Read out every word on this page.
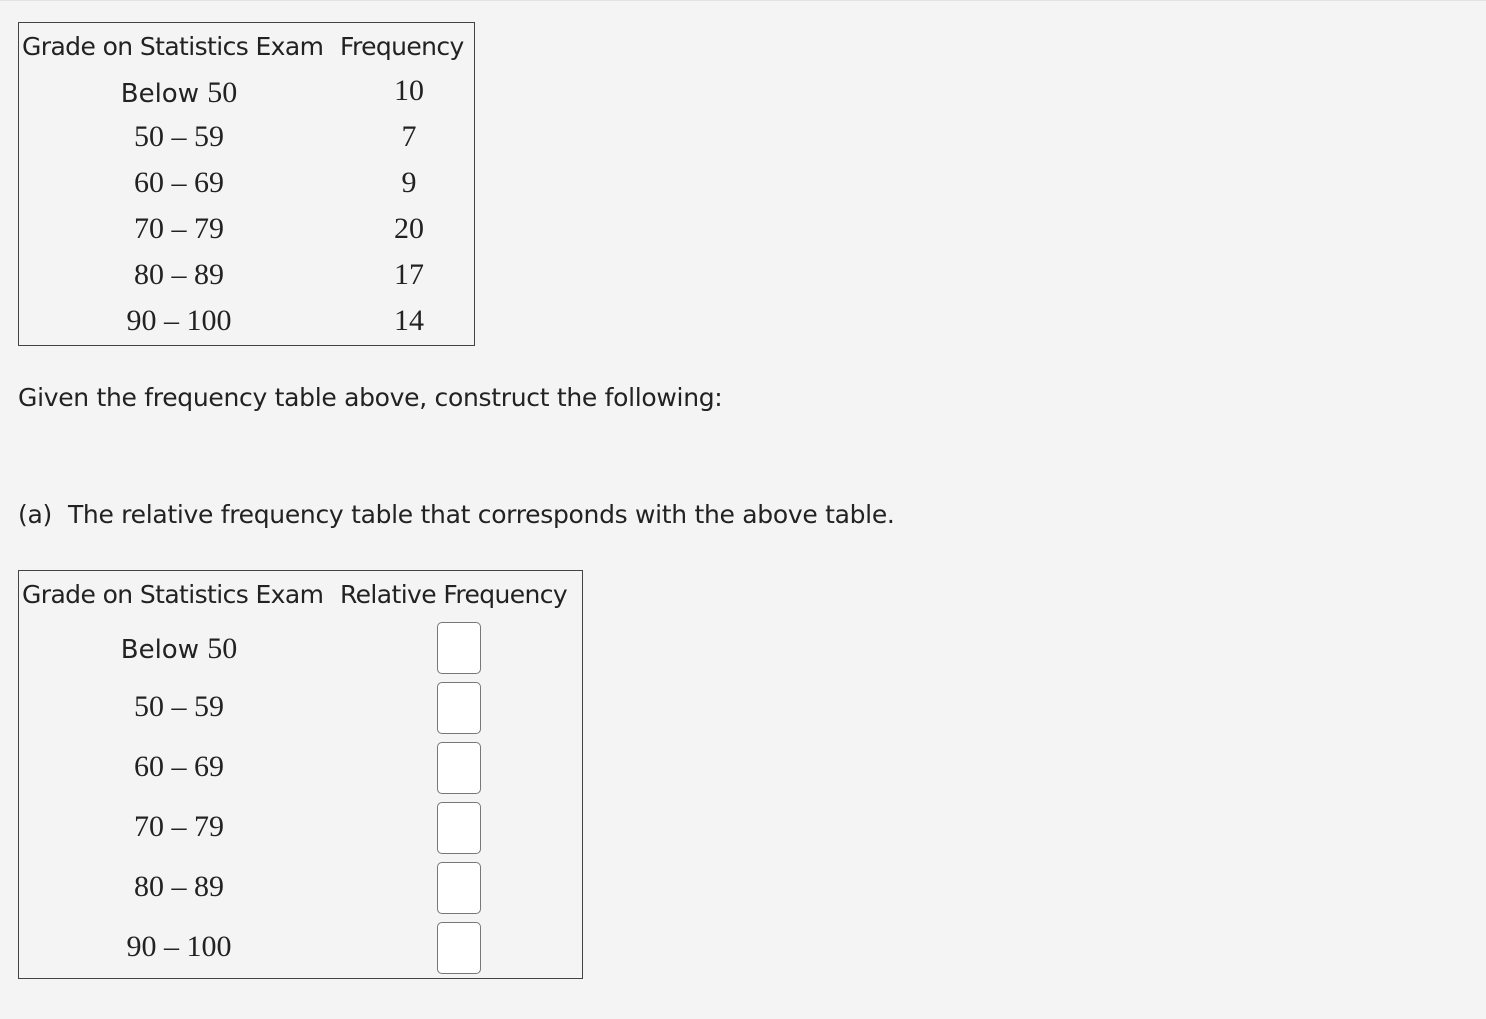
Grade on Statistics Exam Frequency
Below 50	10
50 – 59	7
60 – 69	9
70 – 79	20
80 – 89	17
90 – 100	14
Given the frequency table above, construct the following:
(a) The relative frequency table that corresponds with the above table.
Grade on Statistics Exam Relative Frequency
Below 50
50 – 59
60 – 69
70 – 79
80 – 89
90 – 100
